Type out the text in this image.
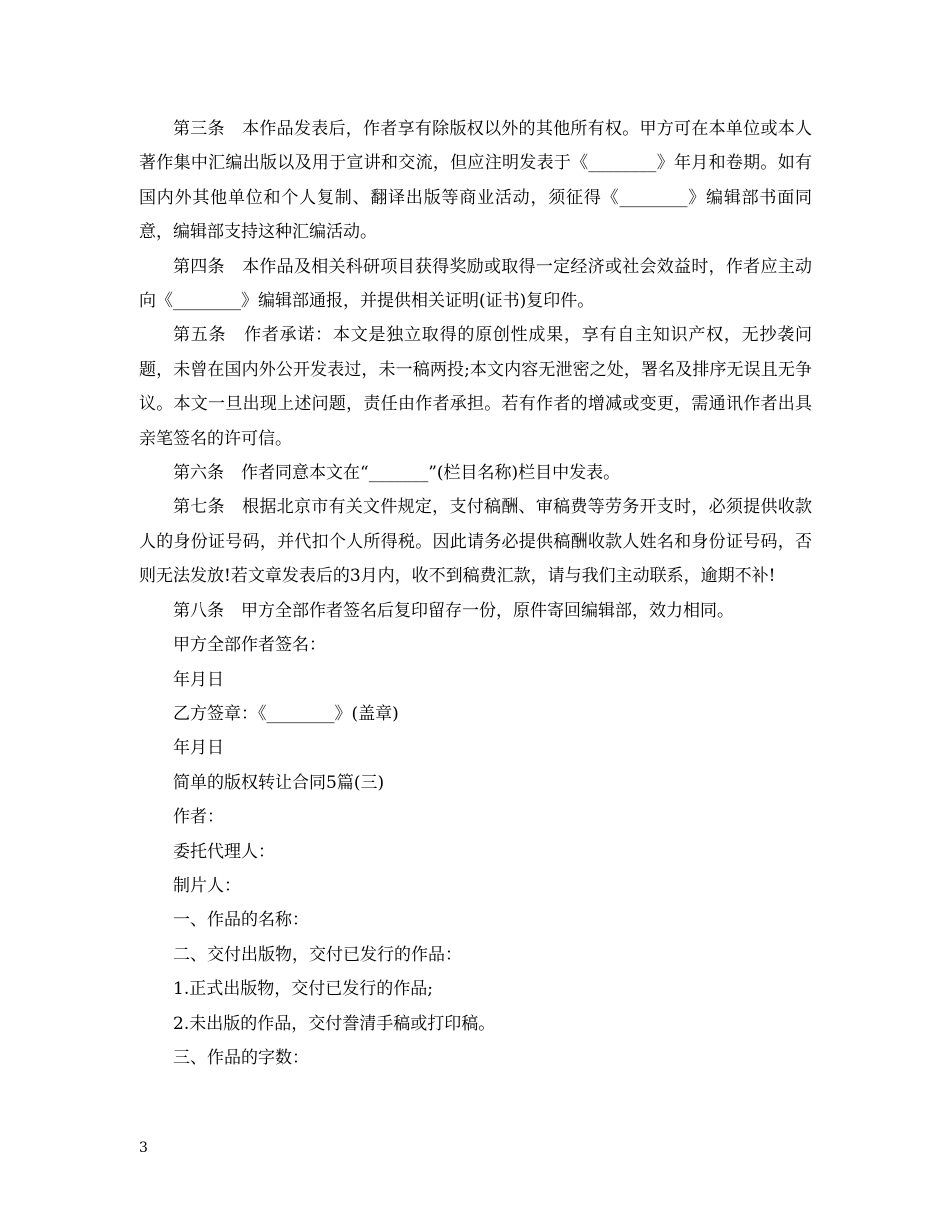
第三条　本作品发表后，作者享有除版权以外的其他所有权。甲方可在本单位或本人著作集中汇编出版以及用于宣讲和交流，但应注明发表于《________》年月和卷期。如有国内外其他单位和个人复制、翻译出版等商业活动，须征得《________》编辑部书面同意，编辑部支持这种汇编活动。

第四条　本作品及相关科研项目获得奖励或取得一定经济或社会效益时，作者应主动向《________》编辑部通报，并提供相关证明(证书)复印件。

第五条　作者承诺：本文是独立取得的原创性成果，享有自主知识产权，无抄袭问题，未曾在国内外公开发表过，未一稿两投;本文内容无泄密之处，署名及排序无误且无争议。本文一旦出现上述问题，责任由作者承担。若有作者的增减或变更，需通讯作者出具亲笔签名的许可信。

第六条　作者同意本文在“_______”(栏目名称)栏目中发表。

第七条　根据北京市有关文件规定，支付稿酬、审稿费等劳务开支时，必须提供收款人的身份证号码，并代扣个人所得税。因此请务必提供稿酬收款人姓名和身份证号码，否则无法发放!若文章发表后的3月内，收不到稿费汇款，请与我们主动联系，逾期不补!

第八条　甲方全部作者签名后复印留存一份，原件寄回编辑部，效力相同。

甲方全部作者签名：

年月日

乙方签章：《________》(盖章)

年月日

简单的版权转让合同5篇(三)

作者：

委托代理人：

制片人：

一、作品的名称：

二、交付出版物，交付已发行的作品：

1.正式出版物，交付已发行的作品;

2.未出版的作品，交付誊清手稿或打印稿。

三、作品的字数：

3
